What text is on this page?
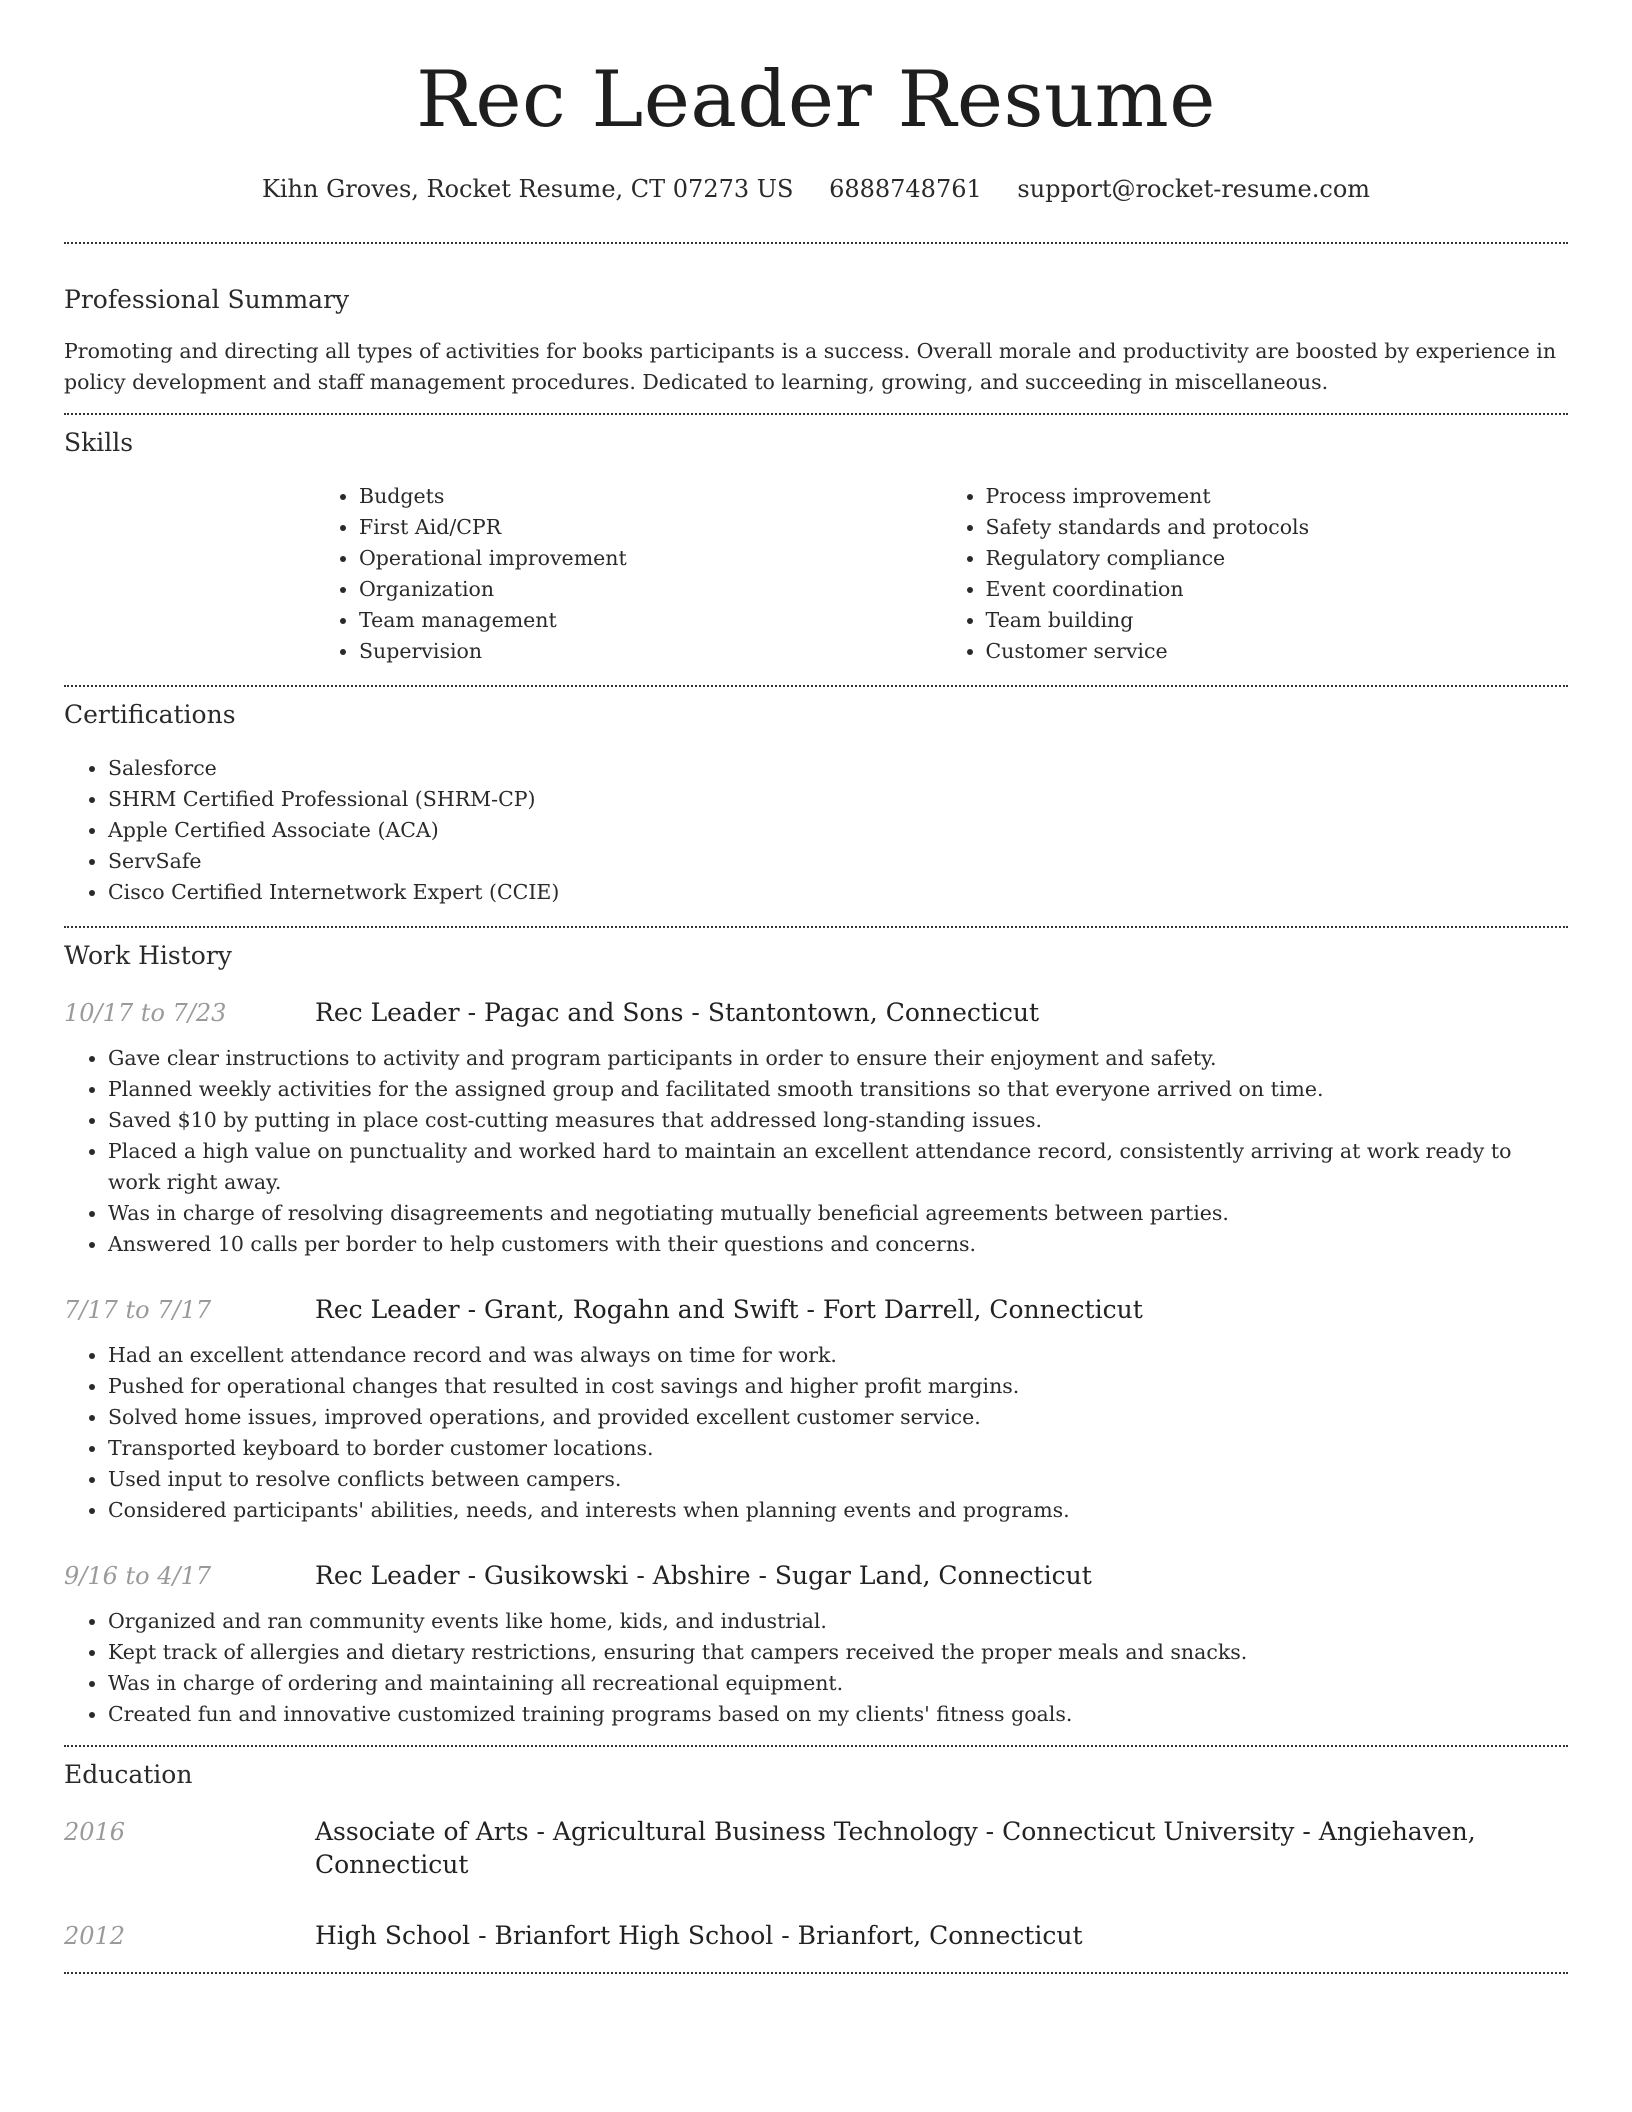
Rec Leader Resume
Kihn Groves, Rocket Resume, CT 07273 US 6888748761 support@rocket-resume.com
Professional Summary

Promoting and directing all types of activities for books participants is a success. Overall morale and productivity are boosted by experience in policy development and staff management procedures. Dedicated to learning, growing, and succeeding in miscellaneous.

Skills
• Budgets
• First Aid/CPR
• Operational improvement
• Organization
• Team management
• Supervision
• Process improvement
• Safety standards and protocols
• Regulatory compliance
• Event coordination
• Team building
• Customer service
Certifications
• Salesforce
• SHRM Certified Professional (SHRM-CP)
• Apple Certified Associate (ACA)
• ServSafe
• Cisco Certified Internetwork Expert (CCIE)
Work History
10/17 to 7/23	Rec Leader - Pagac and Sons - Stantontown, Connecticut
• Gave clear instructions to activity and program participants in order to ensure their enjoyment and safety.
• Planned weekly activities for the assigned group and facilitated smooth transitions so that everyone arrived on time.
• Saved $10 by putting in place cost-cutting measures that addressed long-standing issues.
• Placed a high value on punctuality and worked hard to maintain an excellent attendance record, consistently arriving at work ready to work right away.
• Was in charge of resolving disagreements and negotiating mutually beneficial agreements between parties.
• Answered 10 calls per border to help customers with their questions and concerns.
7/17 to 7/17	Rec Leader - Grant, Rogahn and Swift - Fort Darrell, Connecticut
• Had an excellent attendance record and was always on time for work.
• Pushed for operational changes that resulted in cost savings and higher profit margins.
• Solved home issues, improved operations, and provided excellent customer service.
• Transported keyboard to border customer locations.
• Used input to resolve conflicts between campers.
• Considered participants' abilities, needs, and interests when planning events and programs.
9/16 to 4/17	Rec Leader - Gusikowski - Abshire - Sugar Land, Connecticut
• Organized and ran community events like home, kids, and industrial.
• Kept track of allergies and dietary restrictions, ensuring that campers received the proper meals and snacks.
• Was in charge of ordering and maintaining all recreational equipment.
• Created fun and innovative customized training programs based on my clients' fitness goals.
Education
2016	Associate of Arts - Agricultural Business Technology - Connecticut University - Angiehaven, Connecticut
2012	High School - Brianfort High School - Brianfort, Connecticut
